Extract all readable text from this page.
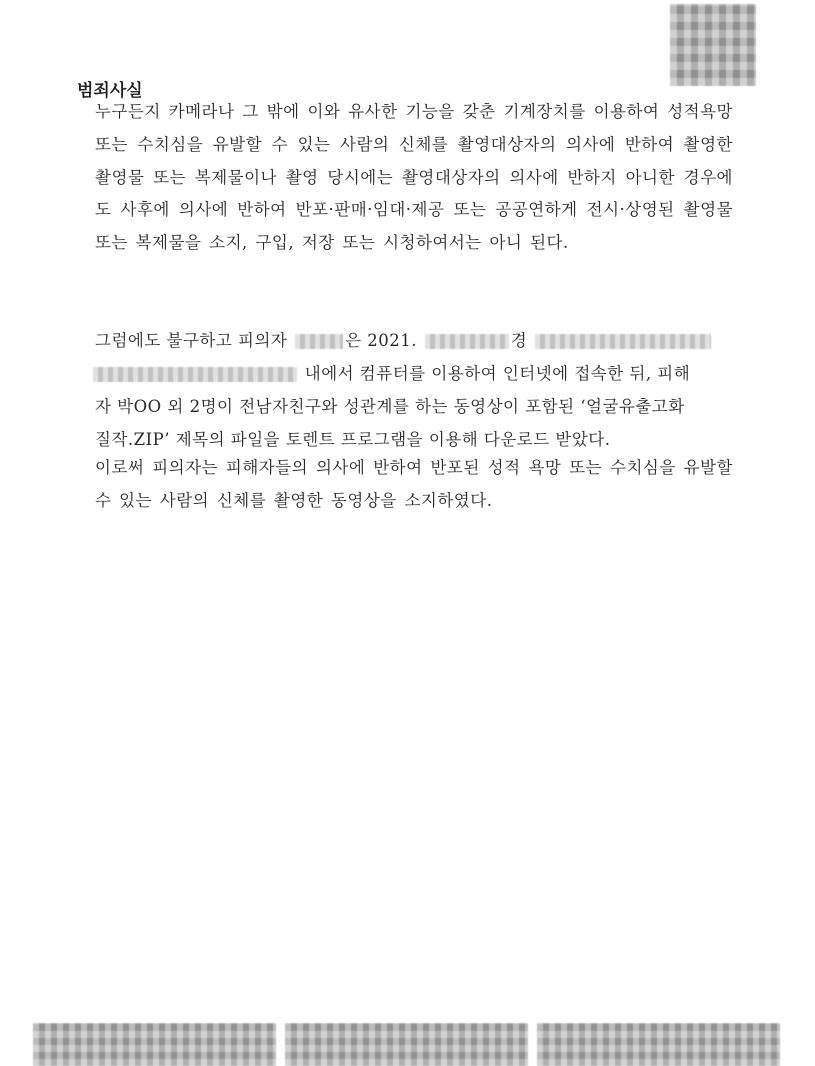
범죄사실
누구든지 카메라나 그 밖에 이와 유사한 기능을 갖춘 기계장치를 이용하여 성적욕망 또는 수치심을 유발할 수 있는 사람의 신체를 촬영대상자의 의사에 반하여 촬영한 촬영물 또는 복제물이나 촬영 당시에는 촬영대상자의 의사에 반하지 아니한 경우에도 사후에 의사에 반하여 반포·판매·임대·제공 또는 공공연하게 전시·상영된 촬영물 또는 복제물을 소지, 구입, 저장 또는 시청하여서는 아니 된다.
그럼에도 불구하고 피의자	은 2021.	경
내에서 컴퓨터를 이용하여 인터넷에 접속한 뒤, 피해
자 박OO 외 2명이 전남자친구와 성관계를 하는 동영상이 포함된 ‘얼굴유출고화
질작.ZIP’ 제목의 파일을 토렌트 프로그램을 이용해 다운로드 받았다.
이로써 피의자는 피해자들의 의사에 반하여 반포된 성적 욕망 또는 수치심을 유발할 수 있는 사람의 신체를 촬영한 동영상을 소지하였다.
